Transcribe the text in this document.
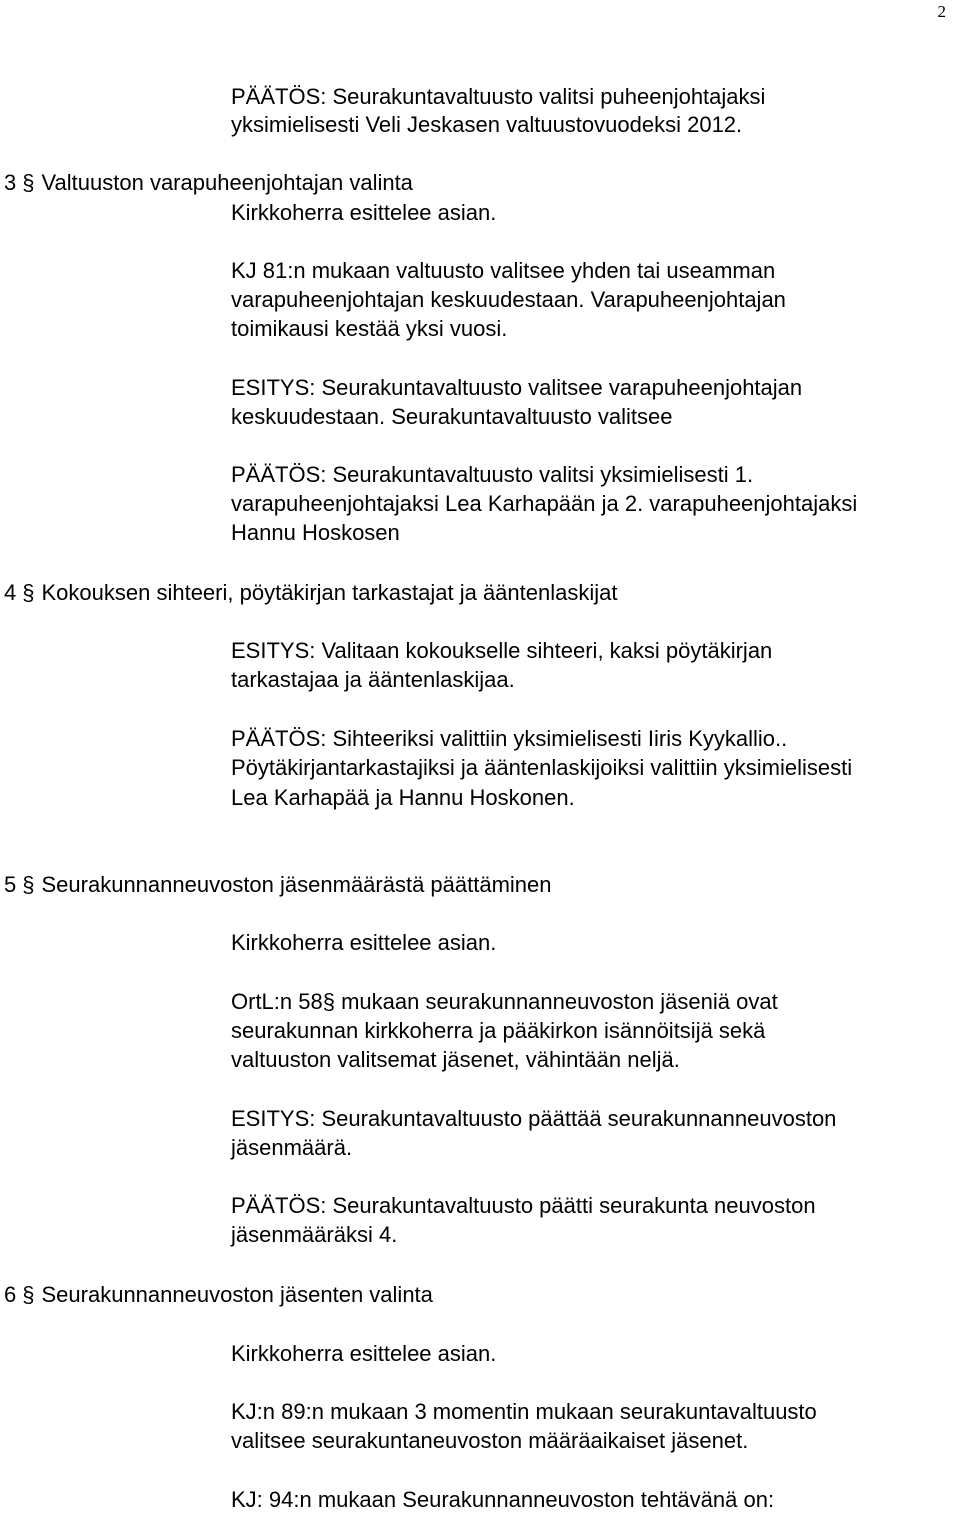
2
PÄÄTÖS: Seurakuntavaltuusto valitsi puheenjohtajaksi
yksimielisesti Veli Jeskasen valtuustovuodeksi 2012.
3 § Valtuuston varapuheenjohtajan valinta
Kirkkoherra esittelee asian.
KJ 81:n mukaan valtuusto valitsee yhden tai useamman
varapuheenjohtajan keskuudestaan. Varapuheenjohtajan
toimikausi kestää yksi vuosi.
ESITYS: Seurakuntavaltuusto valitsee varapuheenjohtajan
keskuudestaan. Seurakuntavaltuusto valitsee
PÄÄTÖS: Seurakuntavaltuusto valitsi yksimielisesti 1.
varapuheenjohtajaksi Lea Karhapään ja 2. varapuheenjohtajaksi
Hannu Hoskosen
4 § Kokouksen sihteeri, pöytäkirjan tarkastajat ja ääntenlaskijat
ESITYS: Valitaan kokoukselle sihteeri, kaksi pöytäkirjan
tarkastajaa ja ääntenlaskijaa.
PÄÄTÖS: Sihteeriksi valittiin yksimielisesti Iiris Kyykallio..
Pöytäkirjantarkastajiksi ja ääntenlaskijoiksi valittiin yksimielisesti
Lea Karhapää ja Hannu Hoskonen.
5 § Seurakunnanneuvoston jäsenmäärästä päättäminen
Kirkkoherra esittelee asian.
OrtL:n 58§ mukaan seurakunnanneuvoston jäseniä ovat
seurakunnan kirkkoherra ja pääkirkon isännöitsijä sekä
valtuuston valitsemat jäsenet, vähintään neljä.
ESITYS: Seurakuntavaltuusto päättää seurakunnanneuvoston
jäsenmäärä.
PÄÄTÖS: Seurakuntavaltuusto päätti seurakunta neuvoston
jäsenmääräksi 4.
6 § Seurakunnanneuvoston jäsenten valinta
Kirkkoherra esittelee asian.
KJ:n 89:n mukaan 3 momentin mukaan seurakuntavaltuusto
valitsee seurakuntaneuvoston määräaikaiset jäsenet.
KJ: 94:n mukaan Seurakunnanneuvoston tehtävänä on:
